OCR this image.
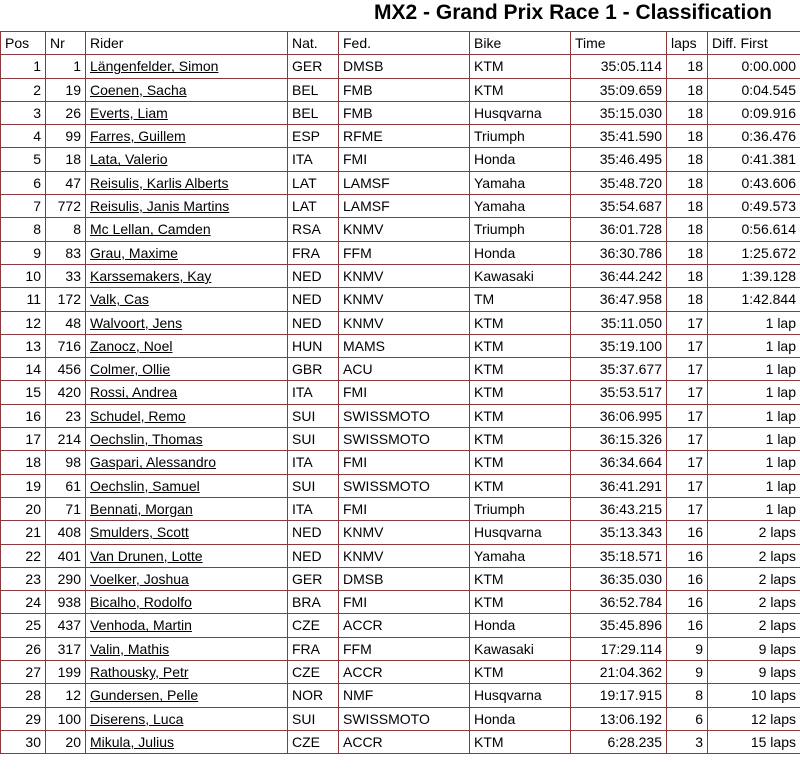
MX2 - Grand Prix Race 1 - Classification
Pos	Nr	Rider	Nat.	Fed.	Bike	Time	laps	Diff. First
1	1	Längenfelder, Simon	GER	DMSB	KTM	35:05.114	18	0:00.000
2	19	Coenen, Sacha	BEL	FMB	KTM	35:09.659	18	0:04.545
3	26	Everts, Liam	BEL	FMB	Husqvarna	35:15.030	18	0:09.916
4	99	Farres, Guillem	ESP	RFME	Triumph	35:41.590	18	0:36.476
5	18	Lata, Valerio	ITA	FMI	Honda	35:46.495	18	0:41.381
6	47	Reisulis, Karlis Alberts	LAT	LAMSF	Yamaha	35:48.720	18	0:43.606
7	772	Reisulis, Janis Martins	LAT	LAMSF	Yamaha	35:54.687	18	0:49.573
8	8	Mc Lellan, Camden	RSA	KNMV	Triumph	36:01.728	18	0:56.614
9	83	Grau, Maxime	FRA	FFM	Honda	36:30.786	18	1:25.672
10	33	Karssemakers, Kay	NED	KNMV	Kawasaki	36:44.242	18	1:39.128
11	172	Valk, Cas	NED	KNMV	TM	36:47.958	18	1:42.844
12	48	Walvoort, Jens	NED	KNMV	KTM	35:11.050	17	1 lap
13	716	Zanocz, Noel	HUN	MAMS	KTM	35:19.100	17	1 lap
14	456	Colmer, Ollie	GBR	ACU	KTM	35:37.677	17	1 lap
15	420	Rossi, Andrea	ITA	FMI	KTM	35:53.517	17	1 lap
16	23	Schudel, Remo	SUI	SWISSMOTO	KTM	36:06.995	17	1 lap
17	214	Oechslin, Thomas	SUI	SWISSMOTO	KTM	36:15.326	17	1 lap
18	98	Gaspari, Alessandro	ITA	FMI	KTM	36:34.664	17	1 lap
19	61	Oechslin, Samuel	SUI	SWISSMOTO	KTM	36:41.291	17	1 lap
20	71	Bennati, Morgan	ITA	FMI	Triumph	36:43.215	17	1 lap
21	408	Smulders, Scott	NED	KNMV	Husqvarna	35:13.343	16	2 laps
22	401	Van Drunen, Lotte	NED	KNMV	Yamaha	35:18.571	16	2 laps
23	290	Voelker, Joshua	GER	DMSB	KTM	36:35.030	16	2 laps
24	938	Bicalho, Rodolfo	BRA	FMI	KTM	36:52.784	16	2 laps
25	437	Venhoda, Martin	CZE	ACCR	Honda	35:45.896	16	2 laps
26	317	Valin, Mathis	FRA	FFM	Kawasaki	17:29.114	9	9 laps
27	199	Rathousky, Petr	CZE	ACCR	KTM	21:04.362	9	9 laps
28	12	Gundersen, Pelle	NOR	NMF	Husqvarna	19:17.915	8	10 laps
29	100	Diserens, Luca	SUI	SWISSMOTO	Honda	13:06.192	6	12 laps
30	20	Mikula, Julius	CZE	ACCR	KTM	6:28.235	3	15 laps
